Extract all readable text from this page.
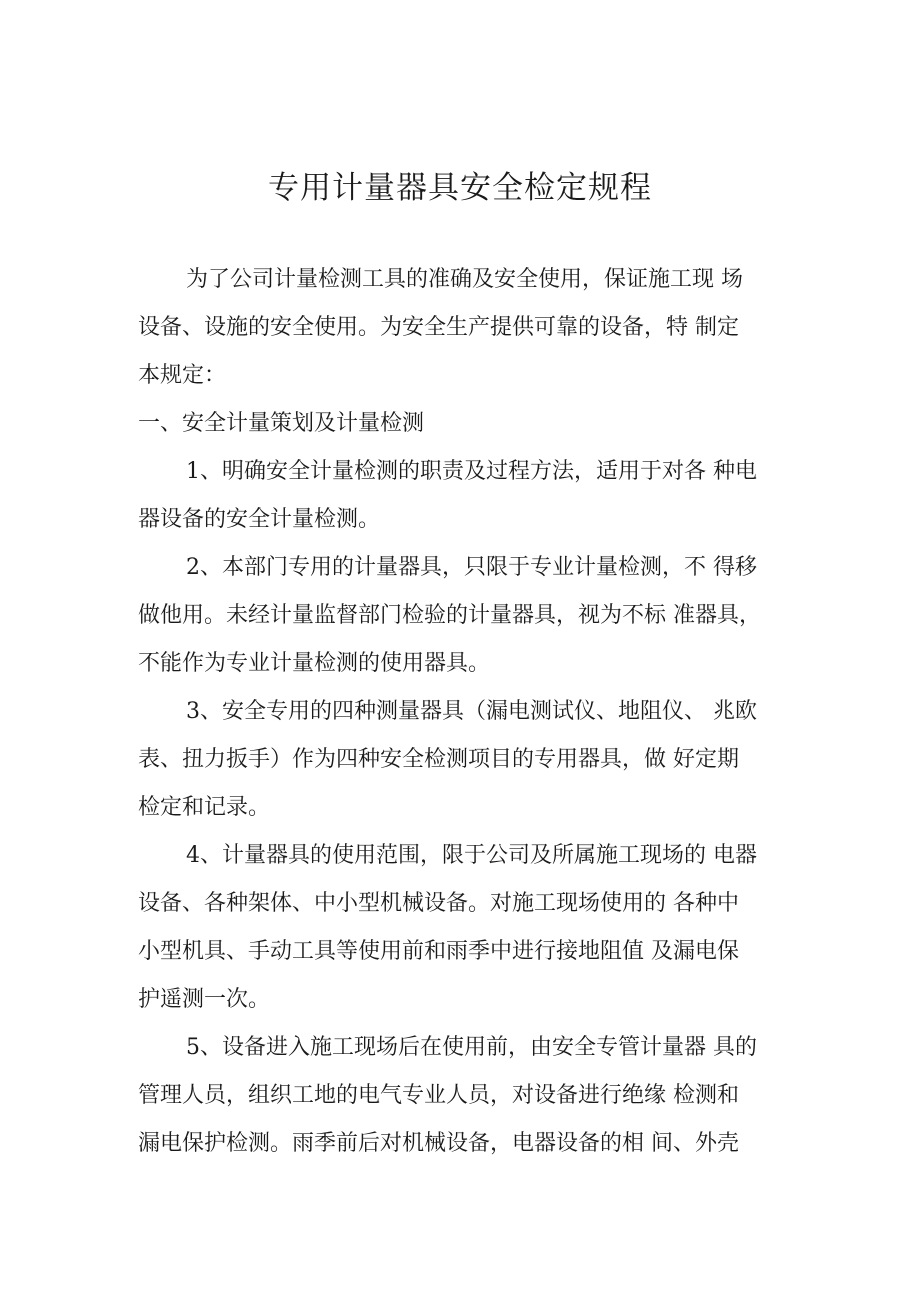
专用计量器具安全检定规程
为了公司计量检测工具的准确及安全使用，保证施工现 场
设备、设施的安全使用。为安全生产提供可靠的设备，特 制定
本规定：
一、安全计量策划及计量检测
1、明确安全计量检测的职责及过程方法，适用于对各 种电
器设备的安全计量检测。
2、本部门专用的计量器具，只限于专业计量检测，不 得移
做他用。未经计量监督部门检验的计量器具，视为不标 准器具，
不能作为专业计量检测的使用器具。
3、安全专用的四种测量器具（漏电测试仪、地阻仪、 兆欧
表、扭力扳手）作为四种安全检测项目的专用器具，做 好定期
检定和记录。
4、计量器具的使用范围，限于公司及所属施工现场的 电器
设备、各种架体、中小型机械设备。对施工现场使用的 各种中
小型机具、手动工具等使用前和雨季中进行接地阻值 及漏电保
护遥测一次。
5、设备进入施工现场后在使用前，由安全专管计量器 具的
管理人员，组织工地的电气专业人员，对设备进行绝缘 检测和
漏电保护检测。雨季前后对机械设备，电器设备的相 间、外壳
